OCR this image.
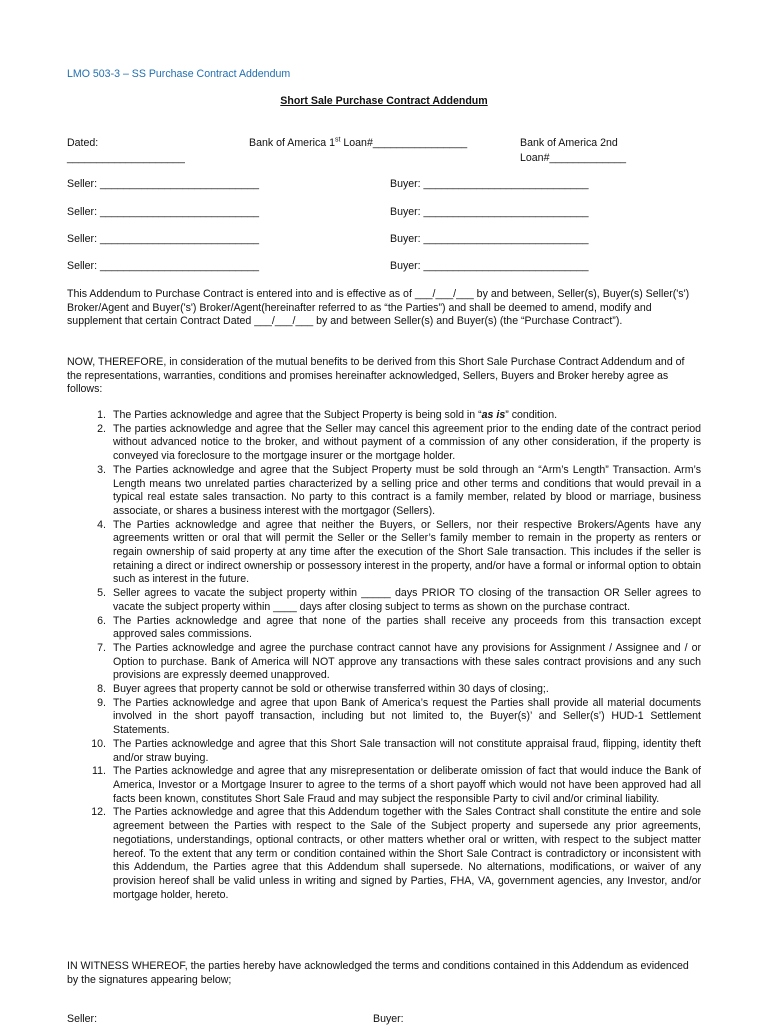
LMO 503-3 – SS Purchase Contract Addendum
Short Sale Purchase Contract Addendum
Dated:
____________________
Bank of America 1st Loan#________________	Bank of America 2nd
Loan#_____________
Seller: ___________________________	Buyer: ____________________________
Seller: ___________________________	Buyer: ____________________________
Seller: ___________________________	Buyer: ____________________________
Seller: ___________________________	Buyer: ____________________________
This Addendum to Purchase Contract is entered into and is effective as of ___/___/___ by and between, Seller(s), Buyer(s) Seller('s') Broker/Agent and Buyer('s') Broker/Agent(hereinafter referred to as “the Parties”) and shall be deemed to amend, modify and supplement that certain Contract Dated ___/___/___ by and between Seller(s) and Buyer(s) (the “Purchase Contract”).
NOW, THEREFORE, in consideration of the mutual benefits to be derived from this Short Sale Purchase Contract Addendum and of the representations, warranties, conditions and promises hereinafter acknowledged, Sellers, Buyers and Broker hereby agree as follows:
1. The Parties acknowledge and agree that the Subject Property is being sold in “as is” condition.
2. The parties acknowledge and agree that the Seller may cancel this agreement prior to the ending date of the contract period without advanced notice to the broker, and without payment of a commission of any other consideration, if the property is conveyed via foreclosure to the mortgage insurer or the mortgage holder.
3. The Parties acknowledge and agree that the Subject Property must be sold through an “Arm’s Length” Transaction. Arm’s Length means two unrelated parties characterized by a selling price and other terms and conditions that would prevail in a typical real estate sales transaction. No party to this contract is a family member, related by blood or marriage, business associate, or shares a business interest with the mortgagor (Sellers).
4. The Parties acknowledge and agree that neither the Buyers, or Sellers, nor their respective Brokers/Agents have any agreements written or oral that will permit the Seller or the Seller’s family member to remain in the property as renters or regain ownership of said property at any time after the execution of the Short Sale transaction. This includes if the seller is retaining a direct or indirect ownership or possessory interest in the property, and/or have a formal or informal option to obtain such as interest in the future.
5. Seller agrees to vacate the subject property within _____ days PRIOR TO closing of the transaction OR Seller agrees to vacate the subject property within ____ days after closing subject to terms as shown on the purchase contract.
6. The Parties acknowledge and agree that none of the parties shall receive any proceeds from this transaction except approved sales commissions.
7. The Parties acknowledge and agree the purchase contract cannot have any provisions for Assignment / Assignee and / or Option to purchase. Bank of America will NOT approve any transactions with these sales contract provisions and any such provisions are expressly deemed unapproved.
8. Buyer agrees that property cannot be sold or otherwise transferred within 30 days of closing;.
9. The Parties acknowledge and agree that upon Bank of America’s request the Parties shall provide all material documents involved in the short payoff transaction, including but not limited to, the Buyer(s)’ and Seller(s’) HUD-1 Settlement Statements.
10. The Parties acknowledge and agree that this Short Sale transaction will not constitute appraisal fraud, flipping, identity theft and/or straw buying.
11. The Parties acknowledge and agree that any misrepresentation or deliberate omission of fact that would induce the Bank of America, Investor or a Mortgage Insurer to agree to the terms of a short payoff which would not have been approved had all facts been known, constitutes Short Sale Fraud and may subject the responsible Party to civil and/or criminal liability.
12. The Parties acknowledge and agree that this Addendum together with the Sales Contract shall constitute the entire and sole agreement between the Parties with respect to the Sale of the Subject property and supersede any prior agreements, negotiations, understandings, optional contracts, or other matters whether oral or written, with respect to the subject matter hereof. To the extent that any term or condition contained within the Short Sale Contract is contradictory or inconsistent with this Addendum, the Parties agree that this Addendum shall supersede. No alternations, modifications, or waiver of any provision hereof shall be valid unless in writing and signed by Parties, FHA, VA, government agencies, any Investor, and/or mortgage holder, hereto.
IN WITNESS WHEREOF, the parties hereby have acknowledged the terms and conditions contained in this Addendum as evidenced by the signatures appearing below;
Seller:	Buyer:
